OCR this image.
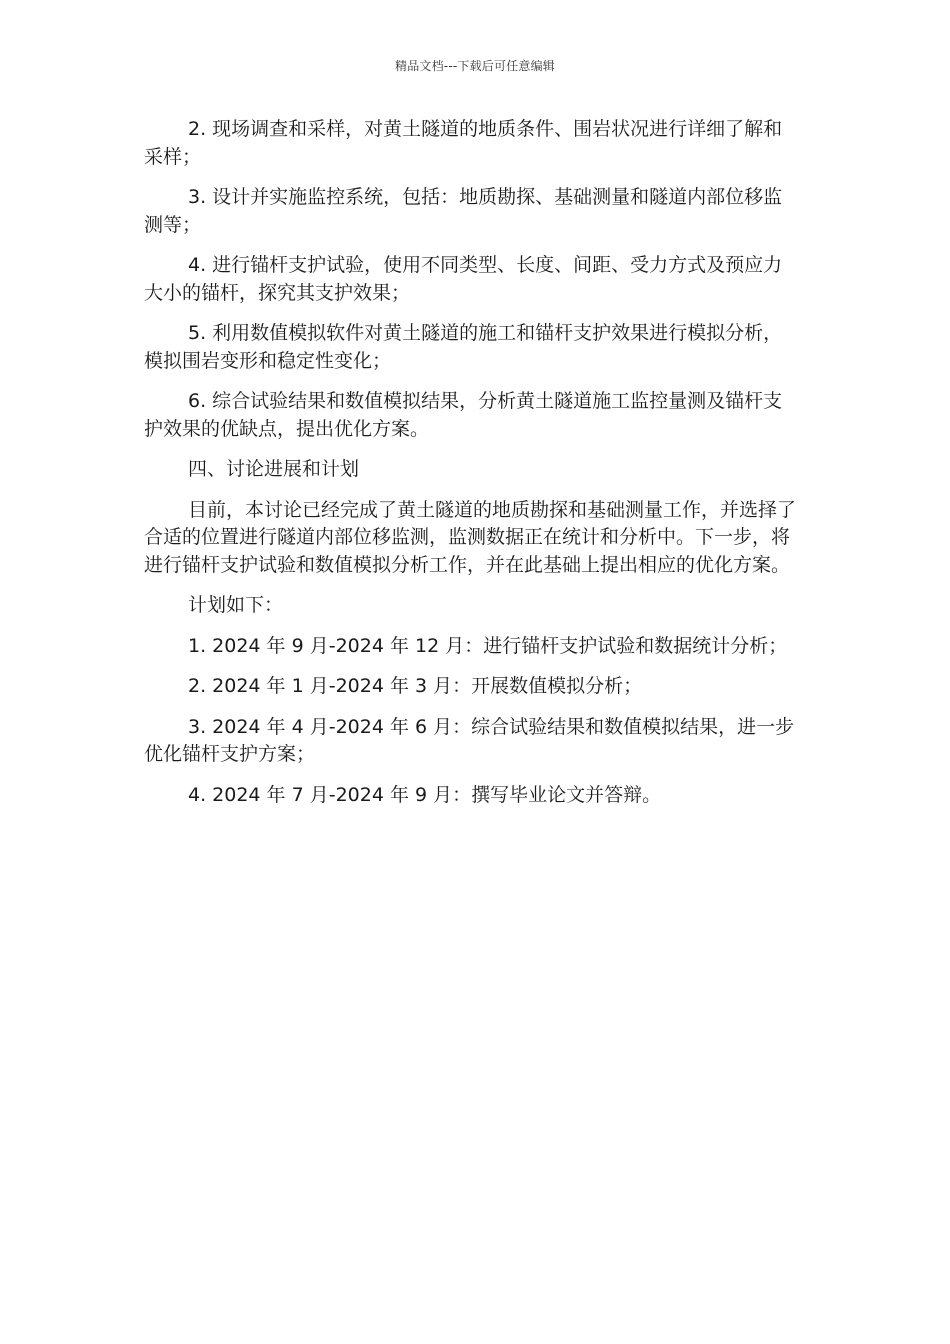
精品文档---下载后可任意编辑

2. 现场调查和采样，对黄土隧道的地质条件、围岩状况进行详细了解和采样；

3. 设计并实施监控系统，包括：地质勘探、基础测量和隧道内部位移监测等；

4. 进行锚杆支护试验，使用不同类型、长度、间距、受力方式及预应力大小的锚杆，探究其支护效果；

5. 利用数值模拟软件对黄土隧道的施工和锚杆支护效果进行模拟分析，模拟围岩变形和稳定性变化；

6. 综合试验结果和数值模拟结果，分析黄土隧道施工监控量测及锚杆支护效果的优缺点，提出优化方案。

四、讨论进展和计划

目前，本讨论已经完成了黄土隧道的地质勘探和基础测量工作，并选择了合适的位置进行隧道内部位移监测，监测数据正在统计和分析中。下一步，将进行锚杆支护试验和数值模拟分析工作，并在此基础上提出相应的优化方案。

计划如下：

1. 2024 年 9 月-2024 年 12 月：进行锚杆支护试验和数据统计分析；

2. 2024 年 1 月-2024 年 3 月：开展数值模拟分析；

3. 2024 年 4 月-2024 年 6 月：综合试验结果和数值模拟结果，进一步优化锚杆支护方案；

4. 2024 年 7 月-2024 年 9 月：撰写毕业论文并答辩。
